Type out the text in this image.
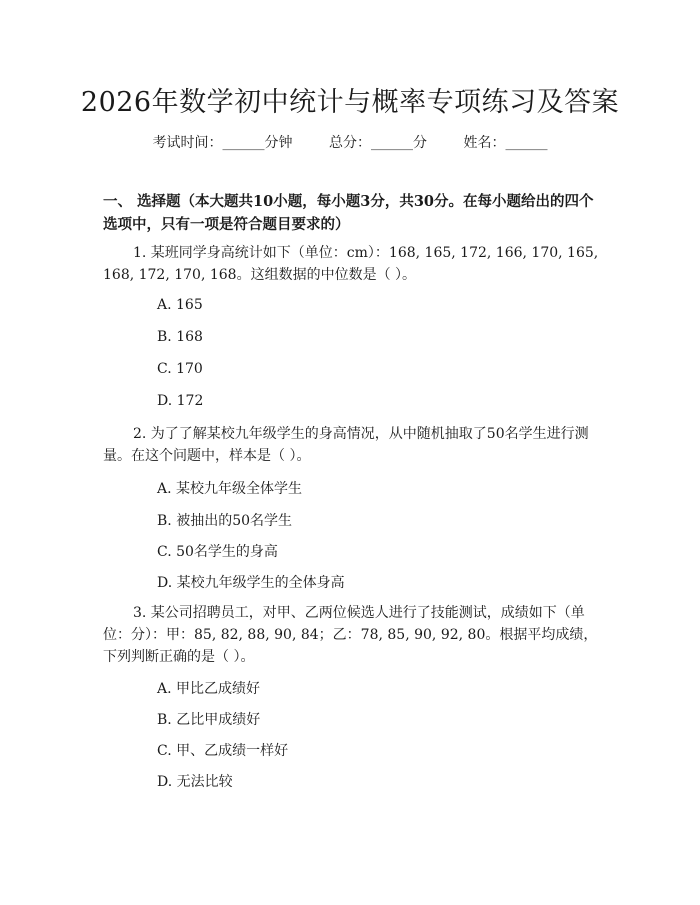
2026年数学初中统计与概率专项练习及答案
考试时间：______分钟	总分：______分	姓名：______
一、 选择题（本大题共10小题，每小题3分，共30分。在每小题给出的四个选项中，只有一项是符合题目要求的）
1. 某班同学身高统计如下（单位：cm）：168, 165, 172, 166, 170, 165, 168, 172, 170, 168。这组数据的中位数是（ ）。
A. 165
B. 168
C. 170
D. 172
2. 为了了解某校九年级学生的身高情况，从中随机抽取了50名学生进行测量。在这个问题中，样本是（ ）。
A. 某校九年级全体学生
B. 被抽出的50名学生
C. 50名学生的身高
D. 某校九年级学生的全体身高
3. 某公司招聘员工，对甲、乙两位候选人进行了技能测试，成绩如下（单位：分）：甲：85, 82, 88, 90, 84；乙：78, 85, 90, 92, 80。根据平均成绩，下列判断正确的是（ ）。
A. 甲比乙成绩好
B. 乙比甲成绩好
C. 甲、乙成绩一样好
D. 无法比较
